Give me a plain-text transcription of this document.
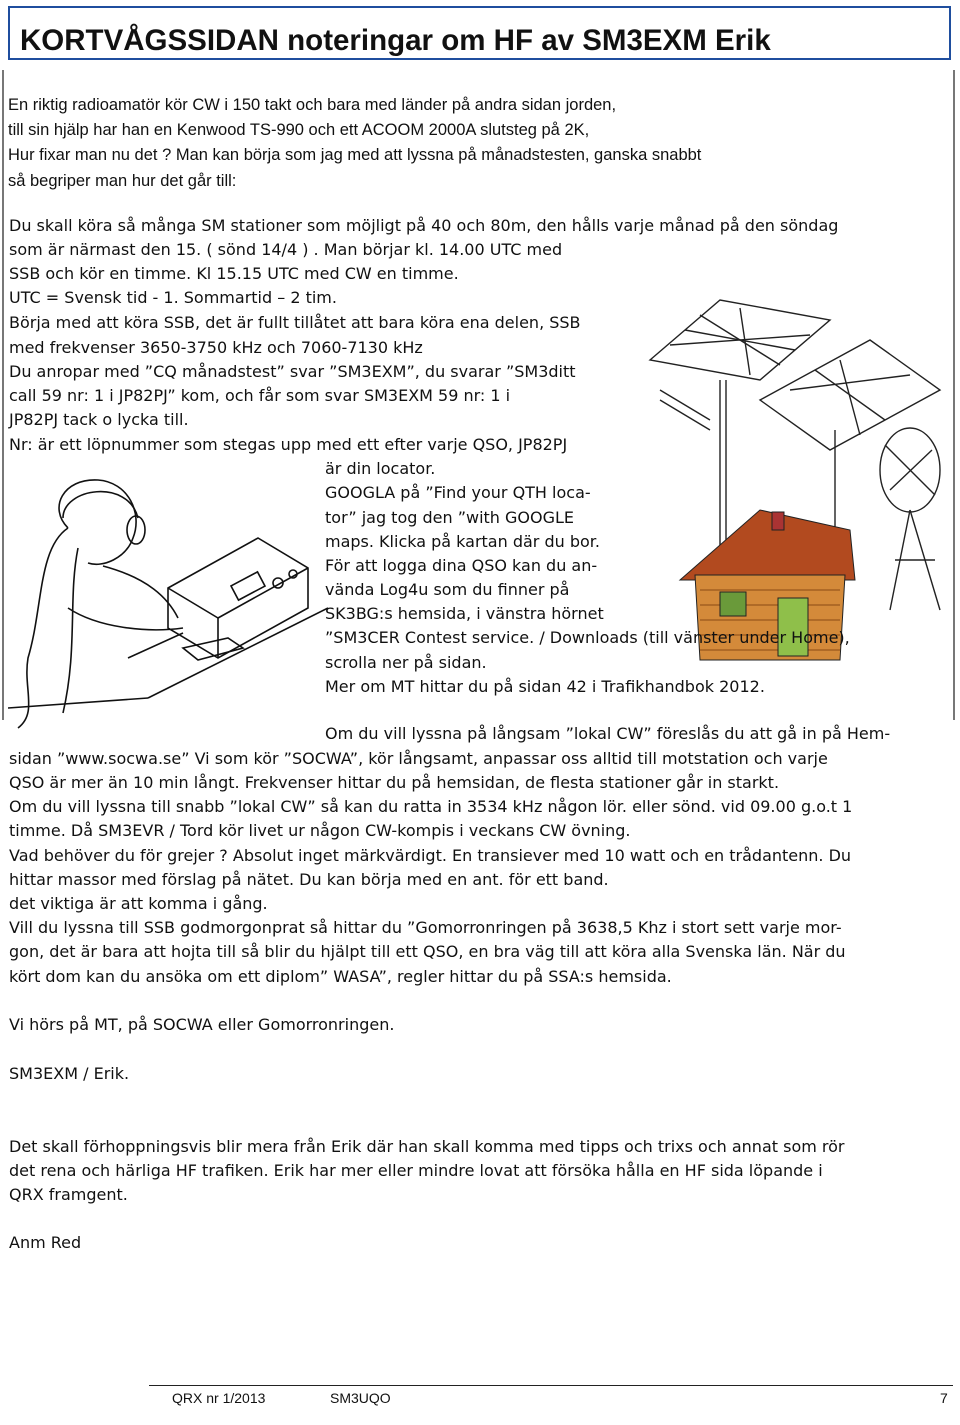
KORTVÅGSSIDAN noteringar om HF av SM3EXM Erik
En riktig radioamatör kör CW i 150 takt och bara med länder på andra sidan jorden,
till sin hjälp har han en Kenwood TS-990 och ett ACOOM 2000A slutsteg på 2K,
Hur fixar man nu det ? Man kan börja som jag med att lyssna på månadstesten, ganska snabbt
så begriper man hur det går till:
Du skall köra så många SM stationer som möjligt på 40 och 80m, den hålls varje månad på den söndag
som är närmast den 15. ( sönd 14/4 ) . Man börjar kl. 14.00 UTC med
SSB och kör en timme. Kl 15.15 UTC med CW en timme.
UTC = Svensk tid - 1. Sommartid – 2 tim.
Börja med att köra SSB, det är fullt tillåtet att bara köra ena delen, SSB
med frekvenser 3650-3750 kHz och 7060-7130 kHz
Du anropar med ”CQ månadstest” svar ”SM3EXM”, du svarar ”SM3ditt
call 59 nr: 1 i JP82PJ” kom, och får som svar SM3EXM 59 nr: 1 i
JP82PJ tack o lycka till.
Nr: är ett löpnummer som stegas upp med ett efter varje QSO, JP82PJ
är din locator.
GOOGLA på ”Find your QTH loca-
tor” jag tog den ”with GOOGLE
maps. Klicka på kartan där du bor.
För att logga dina QSO kan du an-
vända Log4u som du finner på
SK3BG:s hemsida, i vänstra hörnet
”SM3CER Contest service. / Downloads (till vänster under Home),
scrolla ner på sidan.
Mer om MT hittar du på sidan 42 i Trafikhandbok 2012.
Om du vill lyssna på långsam ”lokal CW” föreslås du att gå in på Hem-
sidan ”www.socwa.se” Vi som kör ”SOCWA”, kör långsamt, anpassar oss alltid till motstation och varje
QSO är mer än 10 min långt. Frekvenser hittar du på hemsidan, de flesta stationer går in starkt.
Om du vill lyssna till snabb ”lokal CW” så kan du ratta in 3534 kHz någon lör. eller sönd. vid 09.00 g.o.t 1
timme. Då SM3EVR / Tord kör livet ur någon CW-kompis i veckans CW övning.
Vad behöver du för grejer ? Absolut inget märkvärdigt. En transiever med 10 watt och en trådantenn. Du
hittar massor med förslag på nätet. Du kan börja med en ant. för ett band.
det viktiga är att komma i gång.
Vill du lyssna till SSB godmorgonprat så hittar du ”Gomorronringen på 3638,5 Khz i stort sett varje mor-
gon, det är bara att hojta till så blir du hjälpt till ett QSO, en bra väg till att köra alla Svenska län. När du
kört dom kan du ansöka om ett diplom” WASA”, regler hittar du på SSA:s hemsida.
Vi hörs på MT, på SOCWA eller Gomorronringen.
SM3EXM / Erik.
Det skall förhoppningsvis blir mera från Erik där han skall komma med tipps och trixs och annat som rör
det rena och härliga HF trafiken. Erik har mer eller mindre lovat att försöka hålla en HF sida löpande i
QRX framgent.
Anm Red
QRX nr 1/2013	SM3UQO	7
